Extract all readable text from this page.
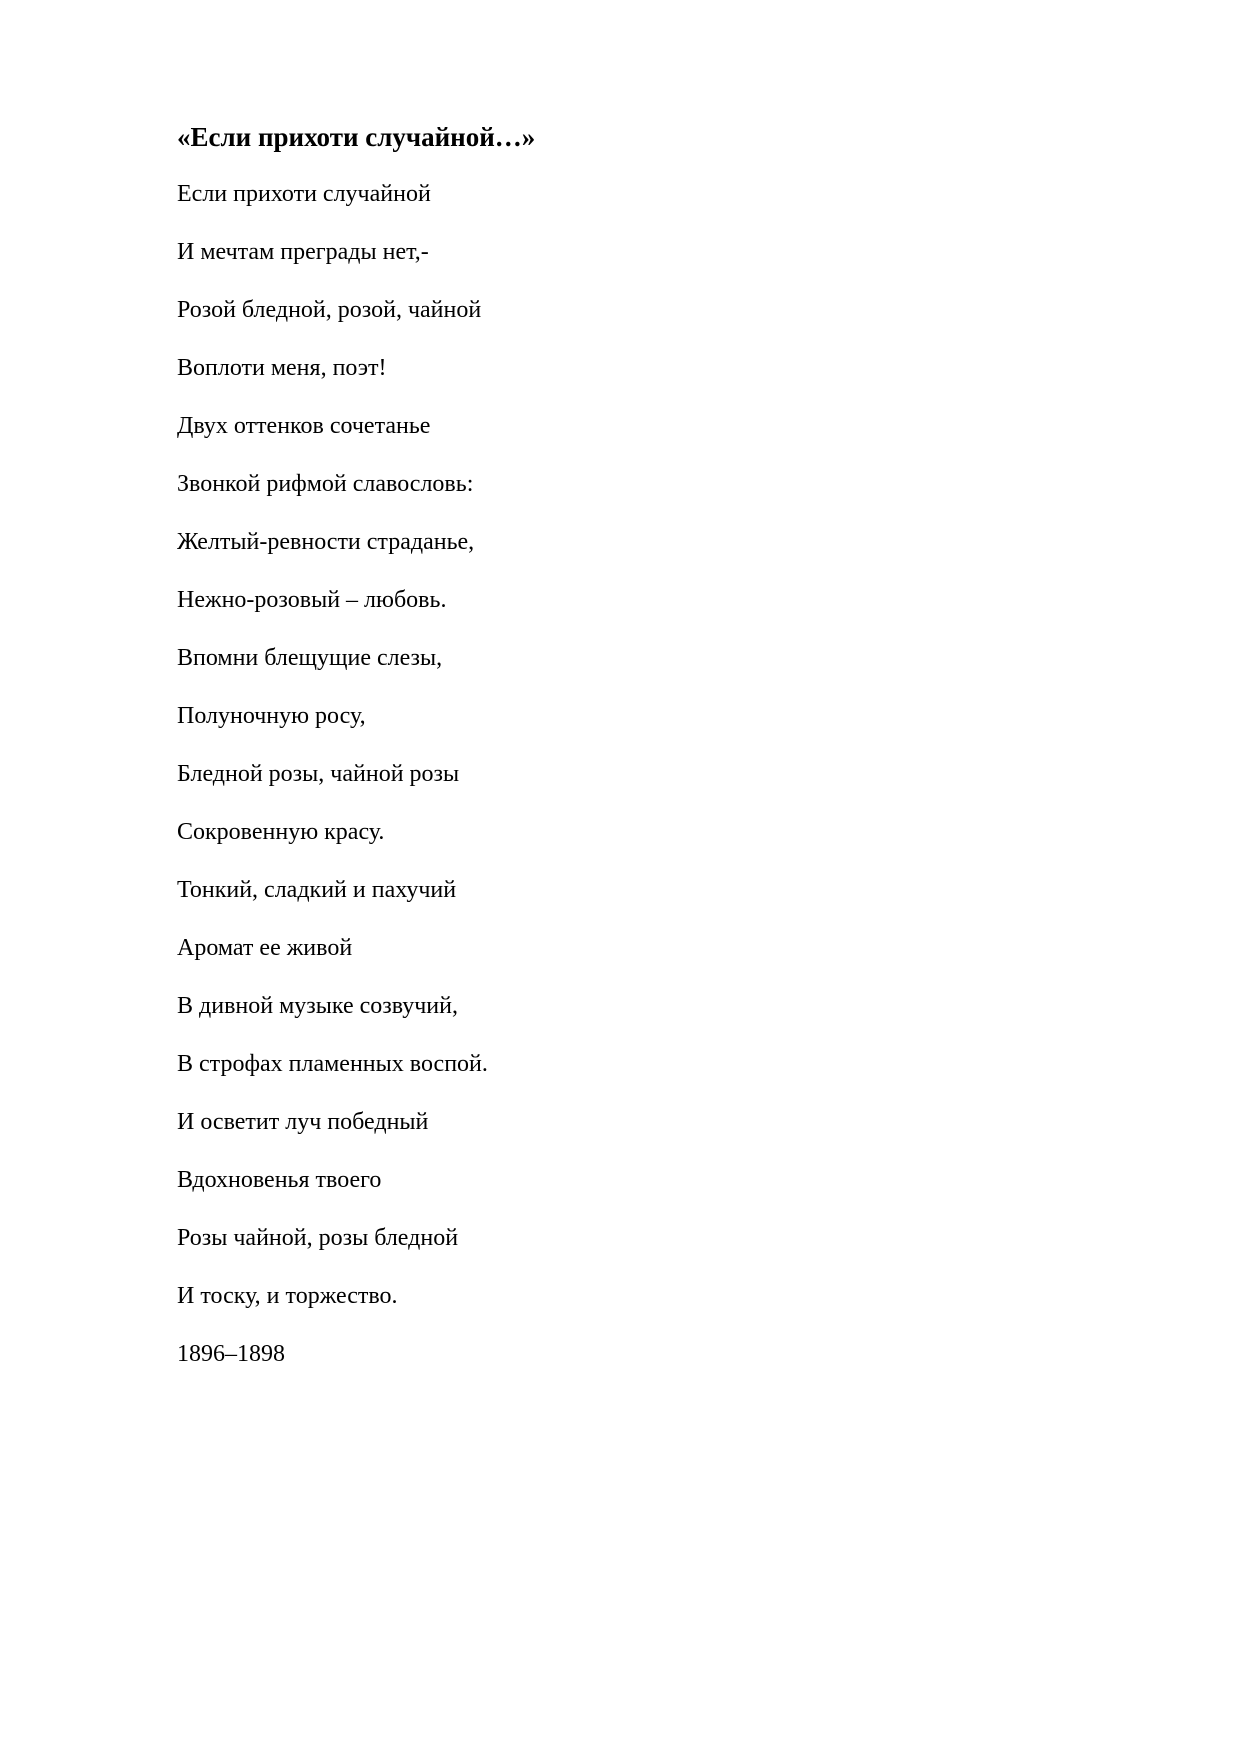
«Если прихоти случайной…»
Если прихоти случайной
И мечтам преграды нет,-
Розой бледной, розой, чайной
Воплоти меня, поэт!
Двух оттенков сочетанье
Звонкой рифмой славословь:
Желтый-ревности страданье,
Нежно-розовый – любовь.
Впомни блещущие слезы,
Полуночную росу,
Бледной розы, чайной розы
Сокровенную красу.
Тонкий, сладкий и пахучий
Аромат ее живой
В дивной музыке созвучий,
В строфах пламенных воспой.
И осветит луч победный
Вдохновенья твоего
Розы чайной, розы бледной
И тоску, и торжество.

1896–1898
